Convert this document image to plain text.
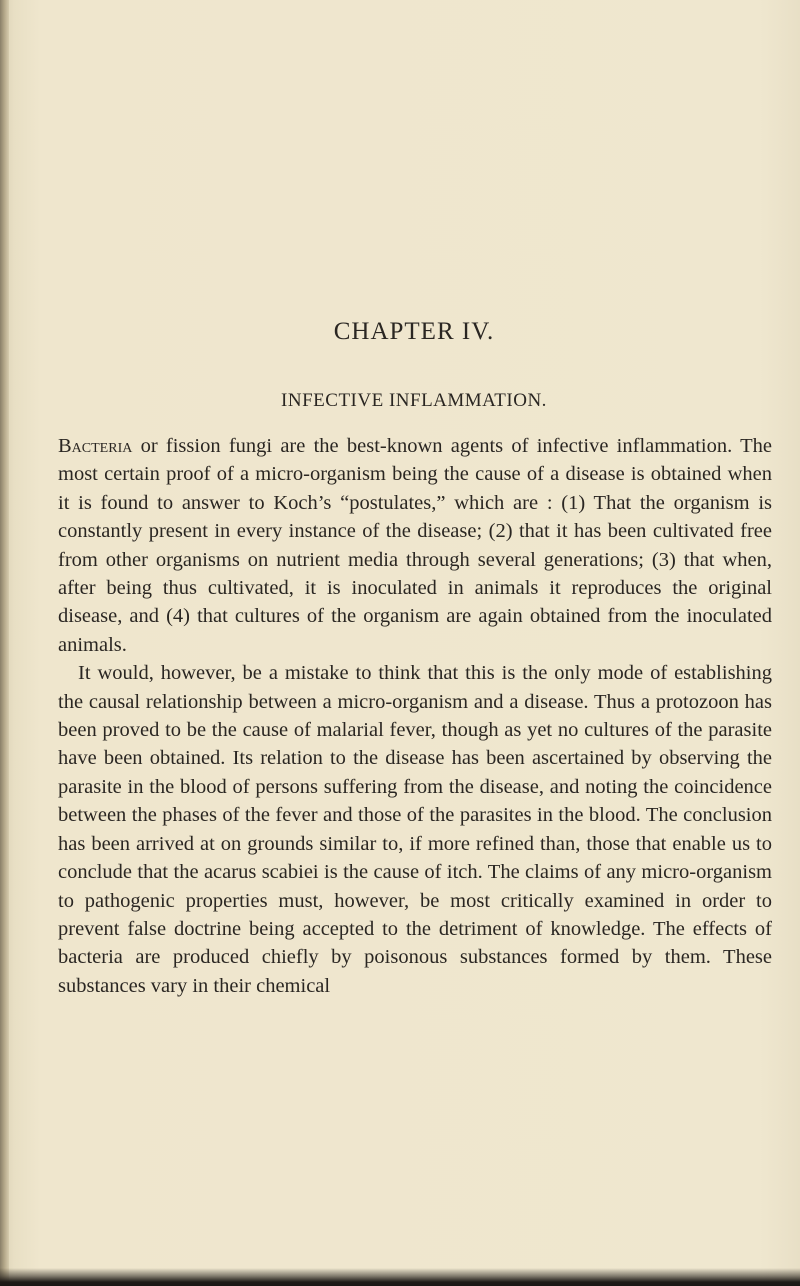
CHAPTER IV.
INFECTIVE INFLAMMATION.

Bacteria or fission fungi are the best-known agents of infective inflammation. The most certain proof of a micro-organism being the cause of a disease is obtained when it is found to answer to Koch’s “postulates,” which are : (1) That the organism is constantly present in every instance of the disease; (2) that it has been cultivated free from other organisms on nutrient media through several generations; (3) that when, after being thus cultivated, it is inoculated in animals it reproduces the original disease, and (4) that cultures of the organism are again obtained from the inoculated animals.

It would, however, be a mistake to think that this is the only mode of establishing the causal relationship between a micro-organism and a disease. Thus a protozoon has been proved to be the cause of malarial fever, though as yet no cultures of the parasite have been obtained. Its relation to the disease has been ascertained by observing the parasite in the blood of persons suffering from the disease, and noting the coincidence between the phases of the fever and those of the parasites in the blood. The conclusion has been arrived at on grounds similar to, if more refined than, those that enable us to conclude that the acarus scabiei is the cause of itch. The claims of any micro-organism to pathogenic properties must, however, be most critically examined in order to prevent false doctrine being accepted to the detriment of knowledge. The effects of bacteria are produced chiefly by poisonous substances formed by them. These substances vary in their chemical
